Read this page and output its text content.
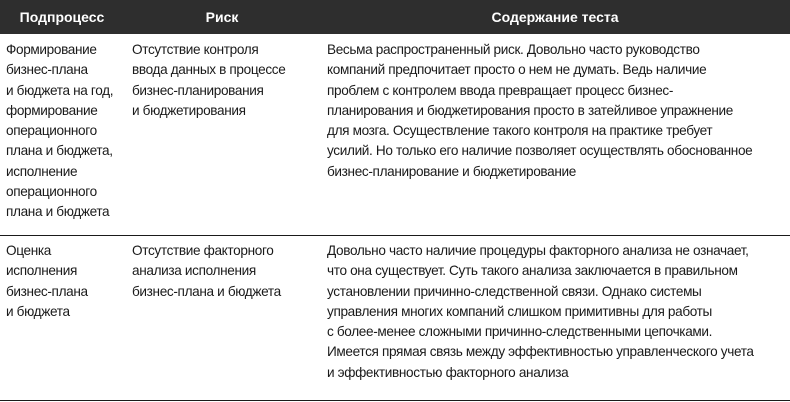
Подпроцесс	Риск	Содержание теста
Формирование
бизнес-плана
и бюджета на год,
формирование
операционного
плана и бюджета,
исполнение
операционного
плана и бюджета
Отсутствие контроля
ввода данных в процессе
бизнес-планирования
и бюджетирования
Весьма распространенный риск. Довольно часто руководство
компаний предпочитает просто о нем не думать. Ведь наличие
проблем с контролем ввода превращает процесс бизнес-
планирования и бюджетирования просто в затейливое упражнение
для мозга. Осуществление такого контроля на практике требует
усилий. Но только его наличие позволяет осуществлять обоснованное
бизнес-планирование и бюджетирование
Оценка
исполнения
бизнес-плана
и бюджета
Отсутствие факторного
анализа исполнения
бизнес-плана и бюджета
Довольно часто наличие процедуры факторного анализа не означает,
что она существует. Суть такого анализа заключается в правильном
установлении причинно-следственной связи. Однако системы
управления многих компаний слишком примитивны для работы
с более-менее сложными причинно-следственными цепочками.
Имеется прямая связь между эффективностью управленческого учета
и эффективностью факторного анализа
